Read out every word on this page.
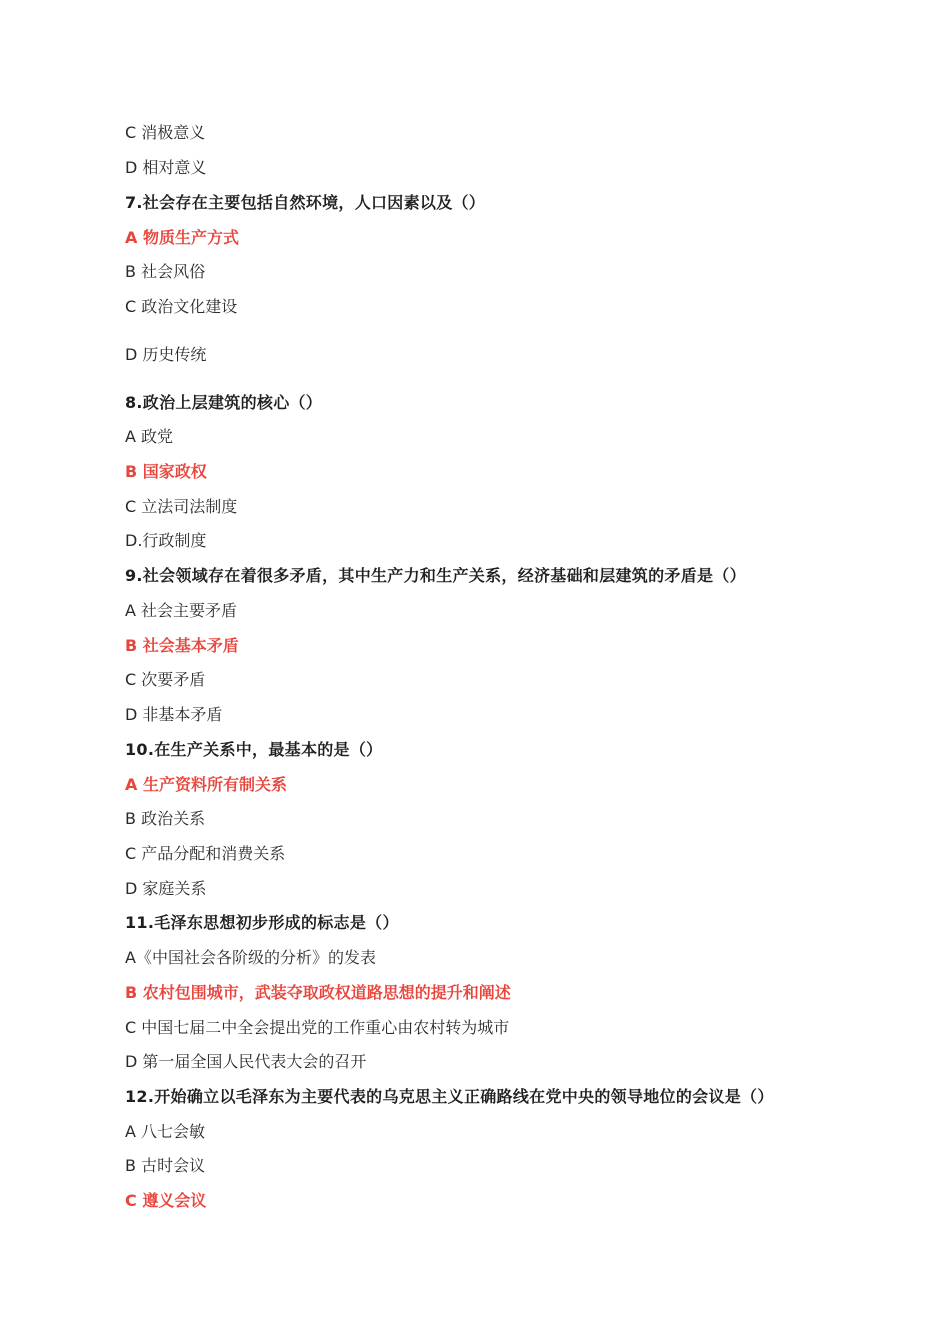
C 消极意义
D 相对意义
7.社会存在主要包括自然环境，人口因素以及（）
A 物质生产方式
B 社会风俗
C 政治文化建设
D 历史传统
8.政治上层建筑的核心（）
A 政党
B 国家政权
C 立法司法制度
D.行政制度
9.社会领域存在着很多矛盾，其中生产力和生产关系，经济基础和层建筑的矛盾是（）
A 社会主要矛盾
B 社会基本矛盾
C 次要矛盾
D 非基本矛盾
10.在生产关系中，最基本的是（）
A 生产资料所有制关系
B 政治关系
C 产品分配和消费关系
D 家庭关系
11.毛泽东思想初步形成的标志是（）
A《中国社会各阶级的分析》的发表
B 农村包围城市，武装夺取政权道路思想的提升和阐述
C 中国七届二中全会提出党的工作重心由农村转为城市
D 第一届全国人民代表大会的召开
12.开始确立以毛泽东为主要代表的乌克思主义正确路线在党中央的领导地位的会议是（）
A 八七会敏
B 古时会议
C 遵义会议
